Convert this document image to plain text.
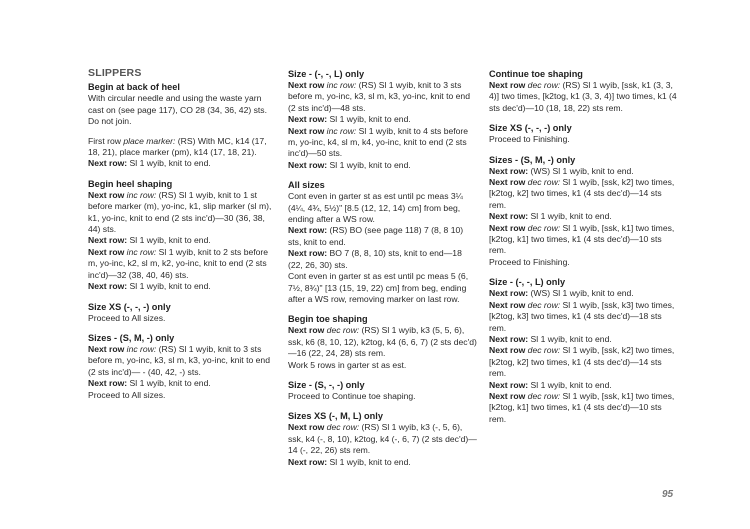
SLIPPERS
Begin at back of heel
With circular needle and using the waste yarn cast on (see page 117), CO 28 (34, 36, 42) sts. Do not join.
First row place marker: (RS) With MC, k14 (17, 18, 21), place marker (pm), k14 (17, 18, 21).
Next row: Sl 1 wyib, knit to end.
Begin heel shaping
Next row inc row: (RS) Sl 1 wyib, knit to 1 st before marker (m), yo-inc, k1, slip marker (sl m), k1, yo-inc, knit to end (2 sts inc'd)—30 (36, 38, 44) sts.
Next row: Sl 1 wyib, knit to end.
Next row inc row: Sl 1 wyib, knit to 2 sts before m, yo-inc, k2, sl m, k2, yo-inc, knit to end (2 sts inc'd)—32 (38, 40, 46) sts.
Next row: Sl 1 wyib, knit to end.
Size XS (-, -, -) only
Proceed to All sizes.
Sizes - (S, M, -) only
Next row inc row: (RS) Sl 1 wyib, knit to 3 sts before m, yo-inc, k3, sl m, k3, yo-inc, knit to end (2 sts inc'd)— - (40, 42, -) sts.
Next row: Sl 1 wyib, knit to end.
Proceed to All sizes.
Size - (-, -, L) only
Next row inc row: (RS) Sl 1 wyib, knit to 3 sts before m, yo-inc, k3, sl m, k3, yo-inc, knit to end (2 sts inc'd)—48 sts.
Next row: Sl 1 wyib, knit to end.
Next row inc row: Sl 1 wyib, knit to 4 sts before m, yo-inc, k4, sl m, k4, yo-inc, knit to end (2 sts inc'd)—50 sts.
Next row: Sl 1 wyib, knit to end.
All sizes
Cont even in garter st as est until pc meas 3¼ (4¼, 4¾, 5½)" [8.5 (12, 12, 14) cm] from beg, ending after a WS row.
Next row: (RS) BO (see page 118) 7 (8, 8 10) sts, knit to end.
Next row: BO 7 (8, 8, 10) sts, knit to end—18 (22, 26, 30) sts.
Cont even in garter st as est until pc meas 5 (6, 7½, 8¾)" [13 (15, 19, 22) cm] from beg, ending after a WS row, removing marker on last row.
Begin toe shaping
Next row dec row: (RS) Sl 1 wyib, k3 (5, 5, 6), ssk, k6 (8, 10, 12), k2tog, k4 (6, 6, 7) (2 sts dec'd)—16 (22, 24, 28) sts rem.
Work 5 rows in garter st as est.
Size - (S, -, -) only
Proceed to Continue toe shaping.
Sizes XS (-, M, L) only
Next row dec row: (RS) Sl 1 wyib, k3 (-, 5, 6), ssk, k4 (-, 8, 10), k2tog, k4 (-, 6, 7) (2 sts dec'd)— 14 (-, 22, 26) sts rem.
Next row: Sl 1 wyib, knit to end.
Continue toe shaping
Next row dec row: (RS) Sl 1 wyib, [ssk, k1 (3, 3, 4)] two times, [k2tog, k1 (3, 3, 4)] two times, k1 (4 sts dec'd)—10 (18, 18, 22) sts rem.
Size XS (-, -, -) only
Proceed to Finishing.
Sizes - (S, M, -) only
Next row: (WS) Sl 1 wyib, knit to end.
Next row dec row: Sl 1 wyib, [ssk, k2] two times, [k2tog, k2] two times, k1 (4 sts dec'd)—14 sts rem.
Next row: Sl 1 wyib, knit to end.
Next row dec row: Sl 1 wyib, [ssk, k1] two times, [k2tog, k1] two times, k1 (4 sts dec'd)—10 sts rem.
Proceed to Finishing.
Size - (-, -, L) only
Next row: (WS) Sl 1 wyib, knit to end.
Next row dec row: Sl 1 wyib, [ssk, k3] two times, [k2tog, k3] two times, k1 (4 sts dec'd)—18 sts rem.
Next row: Sl 1 wyib, knit to end.
Next row dec row: Sl 1 wyib, [ssk, k2] two times, [k2tog, k2] two times, k1 (4 sts dec'd)—14 sts rem.
Next row: Sl 1 wyib, knit to end.
Next row dec row: Sl 1 wyib, [ssk, k1] two times, [k2tog, k1] two times, k1 (4 sts dec'd)—10 sts rem.
95
